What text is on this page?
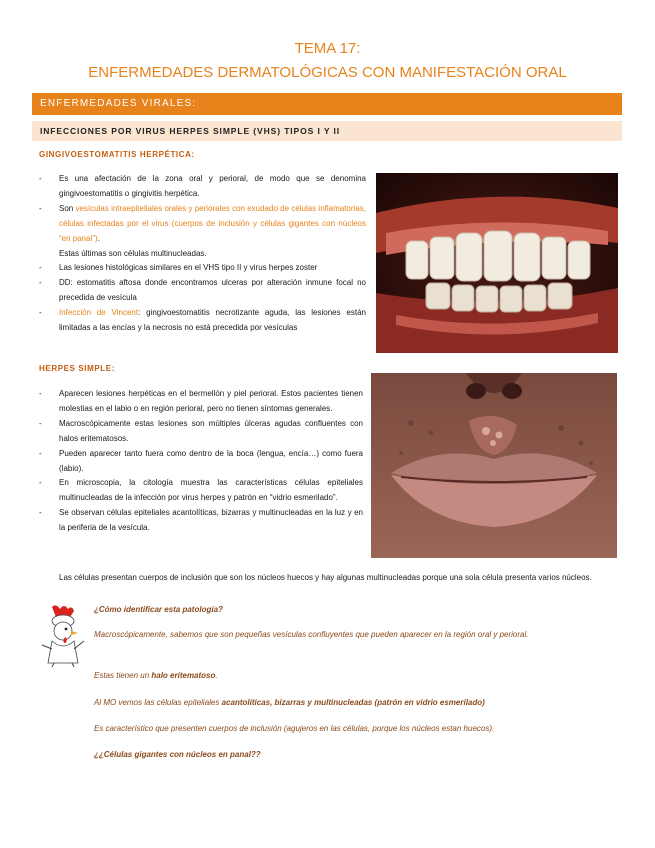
TEMA 17:
ENFERMEDADES DERMATOLÓGICAS CON MANIFESTACIÓN ORAL
ENFERMEDADES VIRALES:
INFECCIONES POR VIRUS HERPES SIMPLE (VHS) TIPOS I Y II
GINGIVOESTOMATITIS HERPÉTICA:
- Es una afectación de la zona oral y perioral, de modo que se denomina gingivoestomatitis o gingivitis herpética.
- Son vesículas intraepiteliales orales y periorales con exudado de células inflamatorias, células infectadas por el virus (cuerpos de inclusión y células gigantes con núcleos “en panal”).
Estas últimas son células multinucleadas.
- Las lesiones histológicas similares en el VHS tipo II y virus herpes zoster
- DD: estomatitis aftosa donde encontramos ulceras por alteración inmune focal no precedida de vesícula
- Infección de Vincent: gingivoestomatitis necrotizante aguda, las lesiones están limitadas a las encías y la necrosis no está precedida por vesículas
HERPES SIMPLE:
- Aparecen lesiones herpéticas en el bermellón y piel perioral. Estos pacientes tienen molestias en el labio o en región perioral, pero no tienen síntomas generales.
- Macroscópicamente estas lesiones son múltiples úlceras agudas confluentes con halos eritematosos.
- Pueden aparecer tanto fuera como dentro de la boca (lengua, encía…) como fuera (labio).
- En microscopia, la citología muestra las características células epiteliales multinucleadas de la infección por virus herpes y patrón en “vidrio esmerilado”.
- Se observan células epiteliales acantolíticas, bizarras y multinucleadas en la luz y en la periferia de la vesícula.
Las células presentan cuerpos de inclusión que son los núcleos huecos y hay algunas multinucleadas porque una sola célula presenta varios núcleos.

¿Cómo identificar esta patología?

Macroscópicamente, sabemos que son pequeñas vesículas confluyentes que pueden aparecer en la región oral y perioral.

Estas tienen un halo eritematoso.

Al MO vemos las células epiteliales acantolíticas, bizarras y multinucleadas (patrón en vidrio esmerilado)

Es característico que presenten cuerpos de inclusión (agujeros en las células, porque los núcleos estan huecos).

¿¿Células gigantes con núcleos en panal??
